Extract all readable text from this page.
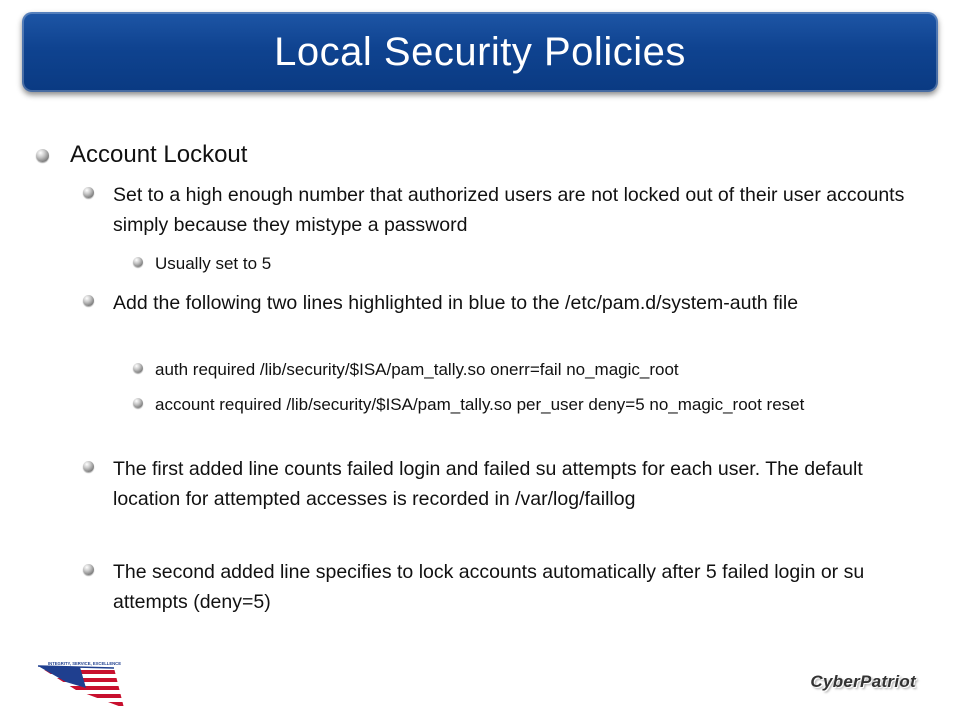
Local Security Policies
Account Lockout
Set to a high enough number that authorized users are not locked out of their user accounts simply because they mistype a password
Usually set to 5
Add the following two lines highlighted in blue to the /etc/pam.d/system-auth file
auth required /lib/security/$ISA/pam_tally.so onerr=fail no_magic_root
account required /lib/security/$ISA/pam_tally.so per_user deny=5 no_magic_root reset
The first added line counts failed login and failed su attempts for each user. The default location for attempted accesses is recorded in /var/log/faillog
The second added line specifies to lock accounts automatically after 5 failed login or su attempts (deny=5)
INTEGRITY, SERVICE, EXCELLENCE
CyberPatriot
